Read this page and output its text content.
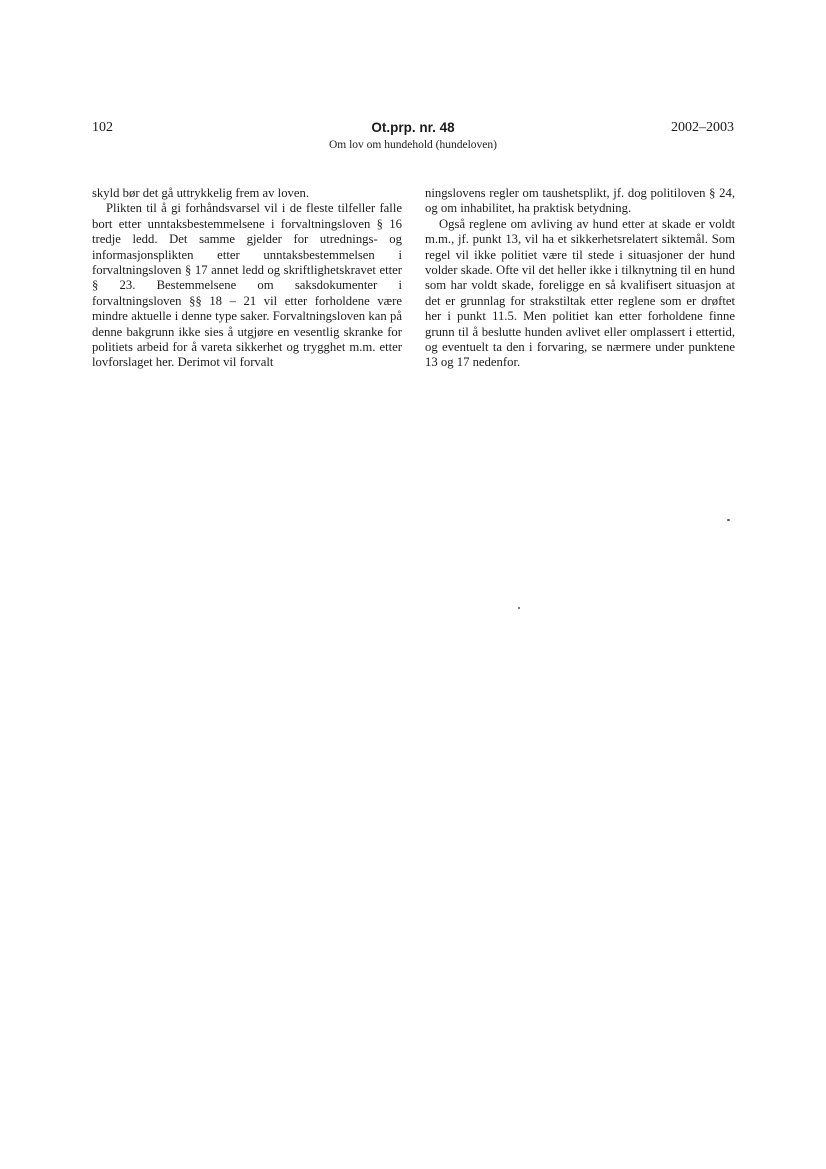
102	Ot.prp. nr. 48
Om lov om hundehold (hundeloven)
2002–2003

skyld bør det gå uttrykkelig frem av loven.

Plikten til å gi forhåndsvarsel vil i de fleste tilfeller falle bort etter unntaksbestemmelsene i forvaltningsloven § 16 tredje ledd. Det samme gjelder for utrednings- og informasjonsplikten etter unntaksbestemmelsen i forvaltningsloven § 17 annet ledd og skriftlighetskravet etter § 23. Bestemmelsene om saksdokumenter i forvaltningsloven §§ 18 – 21 vil etter forholdene være mindre aktuelle i denne type saker. Forvaltningsloven kan på denne bakgrunn ikke sies å utgjøre en vesentlig skranke for politiets arbeid for å vareta sikkerhet og trygghet m.m. etter lovforslaget her. Derimot vil forvalt

ningslovens regler om taushetsplikt, jf. dog politiloven § 24, og om inhabilitet, ha praktisk betydning.

Også reglene om avliving av hund etter at skade er voldt m.m., jf. punkt 13, vil ha et sikkerhetsrelatert siktemål. Som regel vil ikke politiet være til stede i situasjoner der hund volder skade. Ofte vil det heller ikke i tilknytning til en hund som har voldt skade, foreligge en så kvalifisert situasjon at det er grunnlag for strakstiltak etter reglene som er drøftet her i punkt 11.5. Men politiet kan etter forholdene finne grunn til å beslutte hunden avlivet eller omplassert i ettertid, og eventuelt ta den i forvaring, se nærmere under punktene 13 og 17 nedenfor.
